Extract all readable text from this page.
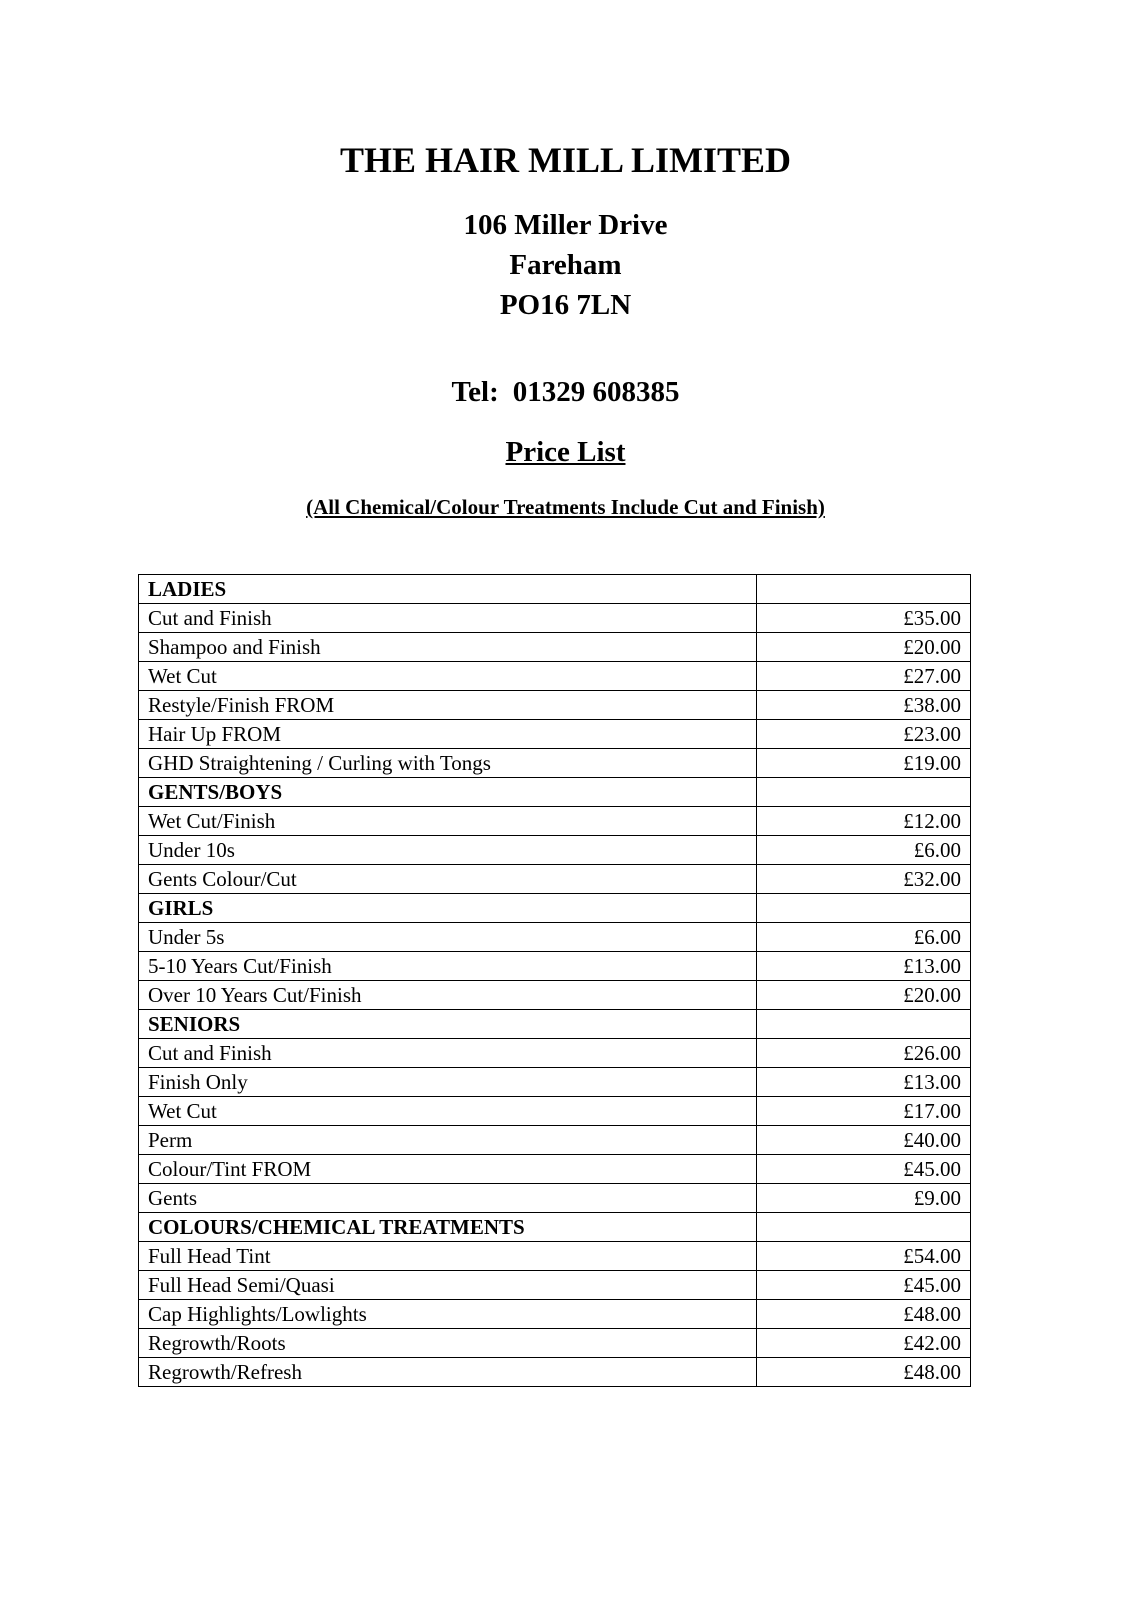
THE HAIR MILL LIMITED
106 Miller Drive
Fareham
PO16 7LN
Tel: 01329 608385
Price List
(All Chemical/Colour Treatments Include Cut and Finish)
LADIES	
Cut and Finish	£35.00
Shampoo and Finish	£20.00
Wet Cut	£27.00
Restyle/Finish FROM	£38.00
Hair Up FROM	£23.00
GHD Straightening / Curling with Tongs	£19.00
GENTS/BOYS	
Wet Cut/Finish	£12.00
Under 10s	£6.00
Gents Colour/Cut	£32.00
GIRLS	
Under 5s	£6.00
5-10 Years Cut/Finish	£13.00
Over 10 Years Cut/Finish	£20.00
SENIORS	
Cut and Finish	£26.00
Finish Only	£13.00
Wet Cut	£17.00
Perm	£40.00
Colour/Tint FROM	£45.00
Gents	£9.00
COLOURS/CHEMICAL TREATMENTS	
Full Head Tint	£54.00
Full Head Semi/Quasi	£45.00
Cap Highlights/Lowlights	£48.00
Regrowth/Roots	£42.00
Regrowth/Refresh	£48.00
